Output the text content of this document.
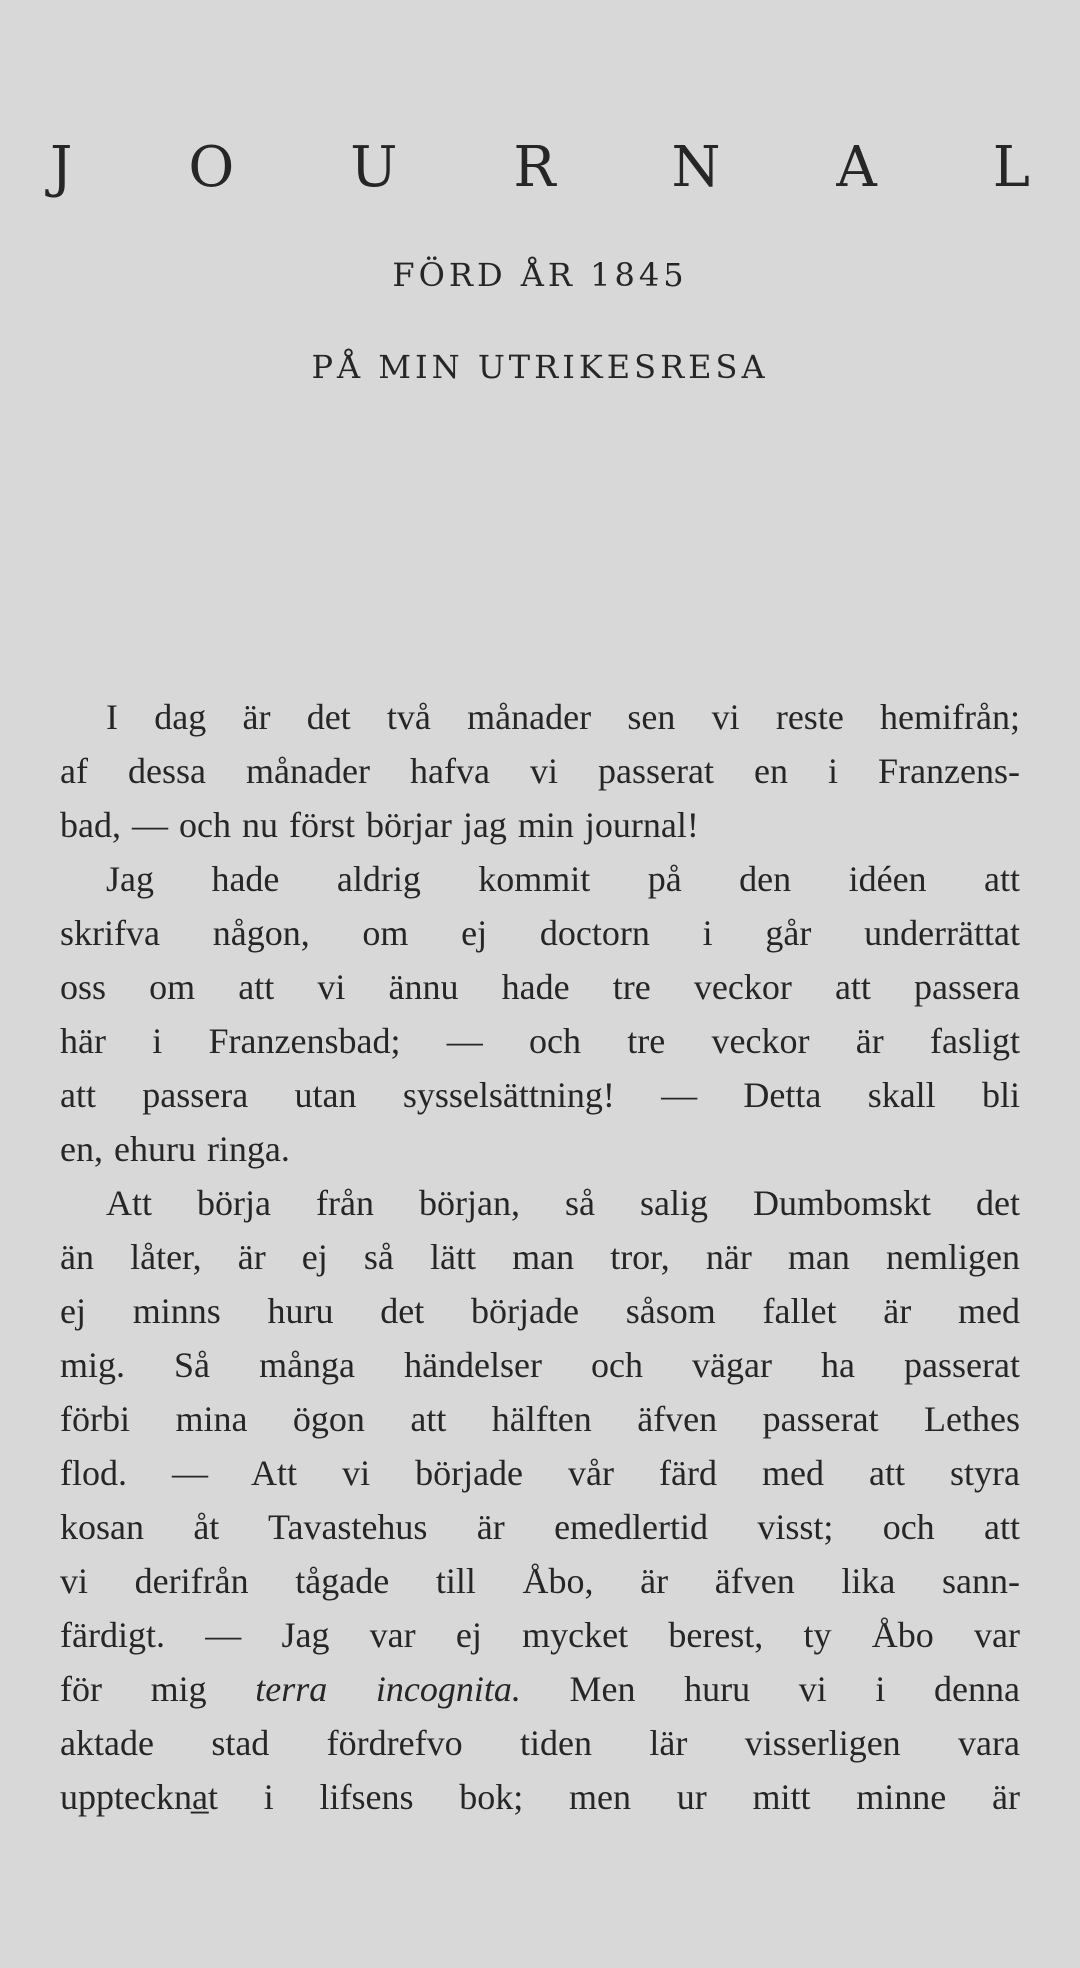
J O U R N A L
FÖRD ÅR 1845
PÅ MIN UTRIKESRESA
I dag är det två månader sen vi reste hemifrån;
af dessa månader hafva vi passerat en i Franzens-
bad, — och nu först börjar jag min journal!
Jag hade aldrig kommit på den idéen att
skrifva någon, om ej doctorn i går underrättat
oss om att vi ännu hade tre veckor att passera
här i Franzensbad; — och tre veckor är fasligt
att passera utan sysselsättning! — Detta skall bli
en, ehuru ringa.
Att börja från början, så salig Dumbomskt det
än låter, är ej så lätt man tror, när man nemligen
ej minns huru det började såsom fallet är med
mig. Så många händelser och vägar ha passerat
förbi mina ögon att hälften äfven passerat Lethes
flod. — Att vi började vår färd med att styra
kosan åt Tavastehus är emedlertid visst; och att
vi derifrån tågade till Åbo, är äfven lika sann-
färdigt. — Jag var ej mycket berest, ty Åbo var
för mig terra incognita. Men huru vi i denna
aktade stad fördrefvo tiden lär visserligen vara
uppteckna̲t i lifsens bok; men ur mitt minne är
